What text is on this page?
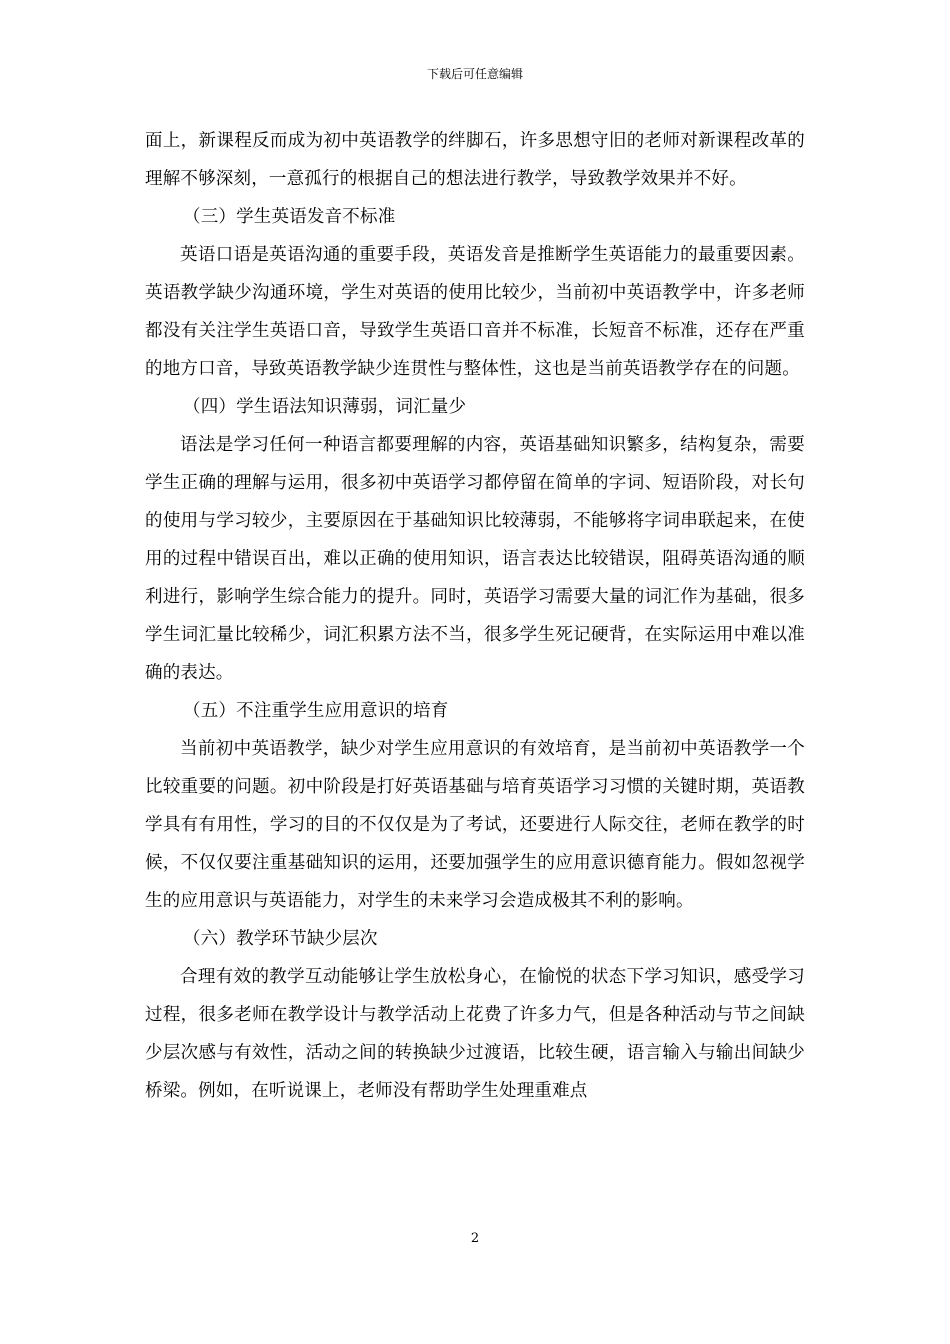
下载后可任意编辑

面上，新课程反而成为初中英语教学的绊脚石，许多思想守旧的老师对新课程改革的理解不够深刻，一意孤行的根据自己的想法进行教学，导致教学效果并不好。

（三）学生英语发音不标准

英语口语是英语沟通的重要手段，英语发音是推断学生英语能力的最重要因素。英语教学缺少沟通环境，学生对英语的使用比较少，当前初中英语教学中，许多老师都没有关注学生英语口音，导致学生英语口音并不标准，长短音不标准，还存在严重的地方口音，导致英语教学缺少连贯性与整体性，这也是当前英语教学存在的问题。

（四）学生语法知识薄弱，词汇量少

语法是学习任何一种语言都要理解的内容，英语基础知识繁多，结构复杂，需要学生正确的理解与运用，很多初中英语学习都停留在简单的字词、短语阶段，对长句的使用与学习较少，主要原因在于基础知识比较薄弱，不能够将字词串联起来，在使用的过程中错误百出，难以正确的使用知识，语言表达比较错误，阻碍英语沟通的顺利进行，影响学生综合能力的提升。同时，英语学习需要大量的词汇作为基础，很多学生词汇量比较稀少，词汇积累方法不当，很多学生死记硬背，在实际运用中难以准确的表达。

（五）不注重学生应用意识的培育

当前初中英语教学，缺少对学生应用意识的有效培育，是当前初中英语教学一个比较重要的问题。初中阶段是打好英语基础与培育英语学习习惯的关键时期，英语教学具有有用性，学习的目的不仅仅是为了考试，还要进行人际交往，老师在教学的时候，不仅仅要注重基础知识的运用，还要加强学生的应用意识德育能力。假如忽视学生的应用意识与英语能力，对学生的未来学习会造成极其不利的影响。

（六）教学环节缺少层次

合理有效的教学互动能够让学生放松身心，在愉悦的状态下学习知识，感受学习过程，很多老师在教学设计与教学活动上花费了许多力气，但是各种活动与节之间缺少层次感与有效性，活动之间的转换缺少过渡语，比较生硬，语言输入与输出间缺少桥梁。例如，在听说课上，老师没有帮助学生处理重难点

2
